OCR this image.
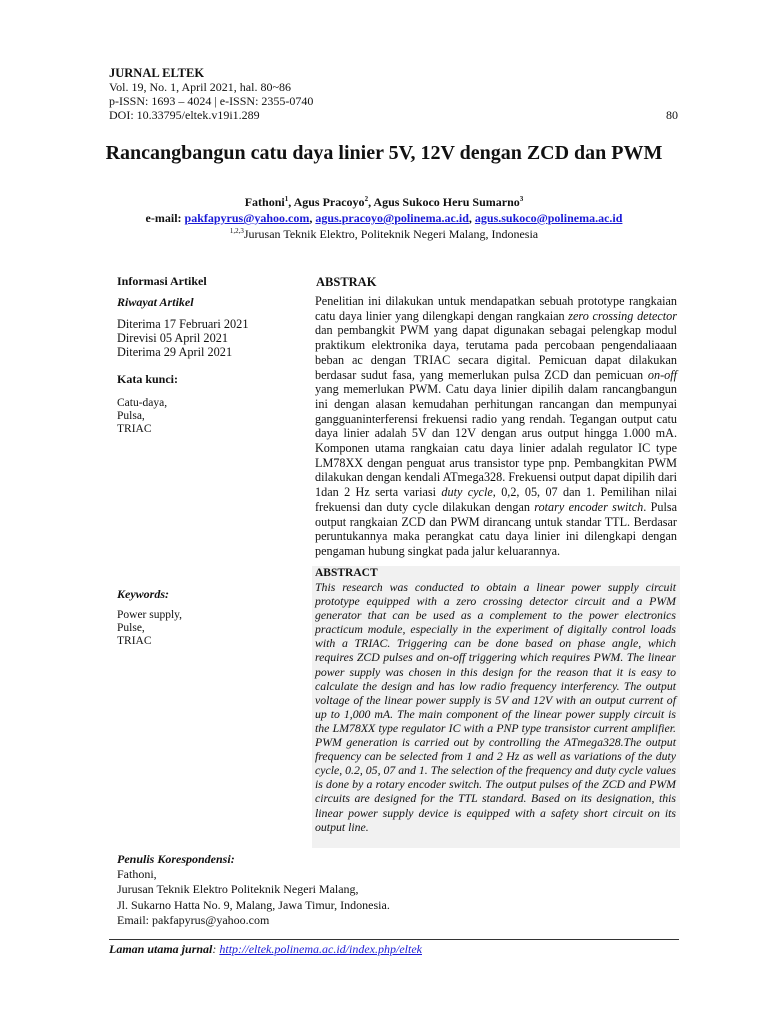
JURNAL ELTEK
Vol. 19, No. 1, April 2021, hal. 80~86
p-ISSN: 1693 – 4024 | e-ISSN: 2355-0740
DOI: 10.33795/eltek.v19i1.289	80
Rancangbangun catu daya linier 5V, 12V dengan ZCD dan PWM
Fathoni$^1$, Agus Pracoyo$^2$, Agus Sukoco Heru Sumarno$^3$
e-mail: pakfapyrus@yahoo.com, agus.pracoyo@polinema.ac.id, agus.sukoco@polinema.ac.id
$^{1,2,3}$Jurusan Teknik Elektro, Politeknik Negeri Malang, Indonesia
Informasi Artikel
Riwayat Artikel
Diterima 17 Februari 2021
Direvisi 05 April 2021
Diterima 29 April 2021
Kata kunci:
Catu-daya,
Pulsa,
TRIAC
Keywords:
Power supply,
Pulse,
TRIAC
ABSTRAK
Penelitian ini dilakukan untuk mendapatkan sebuah prototype rangkaian catu daya linier yang dilengkapi dengan rangkaian zero crossing detector dan pembangkit PWM yang dapat digunakan sebagai pelengkap modul praktikum elektronika daya, terutama pada percobaan pengendaliaaan beban ac dengan TRIAC secara digital. Pemicuan dapat dilakukan berdasar sudut fasa, yang memerlukan pulsa ZCD dan pemicuan on-off yang memerlukan PWM. Catu daya linier dipilih dalam rancangbangun ini dengan alasan kemudahan perhitungan rancangan dan mempunyai gangguaninterferensi frekuensi radio yang rendah. Tegangan output catu daya linier adalah 5V dan 12V dengan arus output hingga 1.000 mA. Komponen utama rangkaian catu daya linier adalah regulator IC type LM78XX dengan penguat arus transistor type pnp. Pembangkitan PWM dilakukan dengan kendali ATmega328. Frekuensi output dapat dipilih dari 1dan 2 Hz serta variasi duty cycle, 0,2, 05, 07 dan 1. Pemilihan nilai frekuensi dan duty cycle dilakukan dengan rotary encoder switch. Pulsa output rangkaian ZCD dan PWM dirancang untuk standar TTL. Berdasar peruntukannya maka perangkat catu daya linier ini dilengkapi dengan pengaman hubung singkat pada jalur keluarannya.
ABSTRACT
This research was conducted to obtain a linear power supply circuit prototype equipped with a zero crossing detector circuit and a PWM generator that can be used as a complement to the power electronics practicum module, especially in the experiment of digitally control loads with a TRIAC. Triggering can be done based on phase angle, which requires ZCD pulses and on-off triggering which requires PWM. The linear power supply was chosen in this design for the reason that it is easy to calculate the design and has low radio frequency interferency. The output voltage of the linear power supply is 5V and 12V with an output current of up to 1,000 mA. The main component of the linear power supply circuit is the LM78XX type regulator IC with a PNP type transistor current amplifier. PWM generation is carried out by controlling the ATmega328.The output frequency can be selected from 1 and 2 Hz as well as variations of the duty cycle, 0.2, 05, 07 and 1. The selection of the frequency and duty cycle values is done by a rotary encoder switch. The output pulses of the ZCD and PWM circuits are designed for the TTL standard. Based on its designation, this linear power supply device is equipped with a safety short circuit on its output line.
Penulis Korespondensi:
Fathoni,
Jurusan Teknik Elektro Politeknik Negeri Malang,
Jl. Sukarno Hatta No. 9, Malang, Jawa Timur, Indonesia.
Email: pakfapyrus@yahoo.com
Laman utama jurnal: http://eltek.polinema.ac.id/index.php/eltek
